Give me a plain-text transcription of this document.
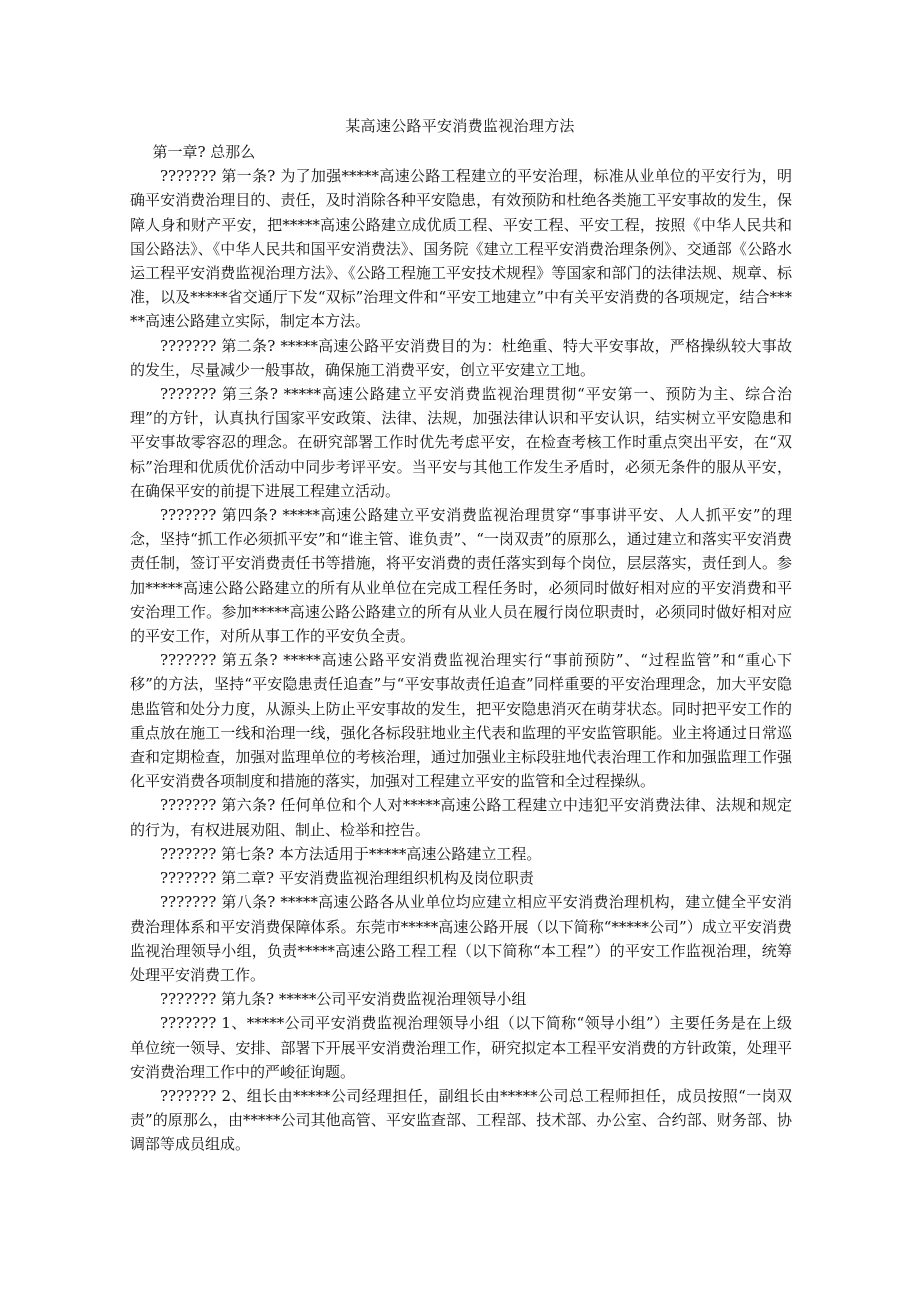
某高速公路平安消费监视治理方法

第一章? 总那么

??????? 第一条? 为了加强*****高速公路工程建立的平安治理，标准从业单位的平安行为，明确平安消费治理目的、责任，及时消除各种平安隐患，有效预防和杜绝各类施工平安事故的发生，保障人身和财产平安，把*****高速公路建立成优质工程、平安工程、平安工程，按照《中华人民共和国公路法》、《中华人民共和国平安消费法》、国务院《建立工程平安消费治理条例》、交通部《公路水运工程平安消费监视治理方法》、《公路工程施工平安技术规程》等国家和部门的法律法规、规章、标准，以及*****省交通厅下发“双标”治理文件和“平安工地建立”中有关平安消费的各项规定，结合*****高速公路建立实际，制定本方法。

??????? 第二条? *****高速公路平安消费目的为：杜绝重、特大平安事故，严格操纵较大事故的发生，尽量减少一般事故，确保施工消费平安，创立平安建立工地。

??????? 第三条? *****高速公路建立平安消费监视治理贯彻“平安第一、预防为主、综合治理”的方针，认真执行国家平安政策、法律、法规，加强法律认识和平安认识，结实树立平安隐患和平安事故零容忍的理念。在研究部署工作时优先考虑平安，在检查考核工作时重点突出平安，在“双标”治理和优质优价活动中同步考评平安。当平安与其他工作发生矛盾时，必须无条件的服从平安，在确保平安的前提下进展工程建立活动。

??????? 第四条? *****高速公路建立平安消费监视治理贯穿“事事讲平安、人人抓平安”的理念，坚持“抓工作必须抓平安”和“谁主管、谁负责”、“一岗双责”的原那么，通过建立和落实平安消费责任制，签订平安消费责任书等措施，将平安消费的责任落实到每个岗位，层层落实，责任到人。参加*****高速公路公路建立的所有从业单位在完成工程任务时，必须同时做好相对应的平安消费和平安治理工作。参加*****高速公路公路建立的所有从业人员在履行岗位职责时，必须同时做好相对应的平安工作，对所从事工作的平安负全责。

??????? 第五条? *****高速公路平安消费监视治理实行“事前预防”、“过程监管”和“重心下移”的方法，坚持“平安隐患责任追查”与“平安事故责任追查”同样重要的平安治理理念，加大平安隐患监管和处分力度，从源头上防止平安事故的发生，把平安隐患消灭在萌芽状态。同时把平安工作的重点放在施工一线和治理一线，强化各标段驻地业主代表和监理的平安监管职能。业主将通过日常巡查和定期检查，加强对监理单位的考核治理，通过加强业主标段驻地代表治理工作和加强监理工作强化平安消费各项制度和措施的落实，加强对工程建立平安的监管和全过程操纵。

??????? 第六条? 任何单位和个人对*****高速公路工程建立中违犯平安消费法律、法规和规定的行为，有权进展劝阻、制止、检举和控告。

??????? 第七条? 本方法适用于*****高速公路建立工程。

??????? 第二章? 平安消费监视治理组织机构及岗位职责

??????? 第八条? *****高速公路各从业单位均应建立相应平安消费治理机构，建立健全平安消费治理体系和平安消费保障体系。东莞市*****高速公路开展（以下简称“*****公司”）成立平安消费监视治理领导小组，负责*****高速公路工程工程（以下简称“本工程”）的平安工作监视治理，统筹处理平安消费工作。

??????? 第九条? *****公司平安消费监视治理领导小组

??????? 1、*****公司平安消费监视治理领导小组（以下简称“领导小组”）主要任务是在上级单位统一领导、安排、部署下开展平安消费治理工作，研究拟定本工程平安消费的方针政策，处理平安消费治理工作中的严峻征询题。

??????? 2、组长由*****公司经理担任，副组长由*****公司总工程师担任，成员按照“一岗双责”的原那么，由*****公司其他高管、平安监查部、工程部、技术部、办公室、合约部、财务部、协调部等成员组成。
